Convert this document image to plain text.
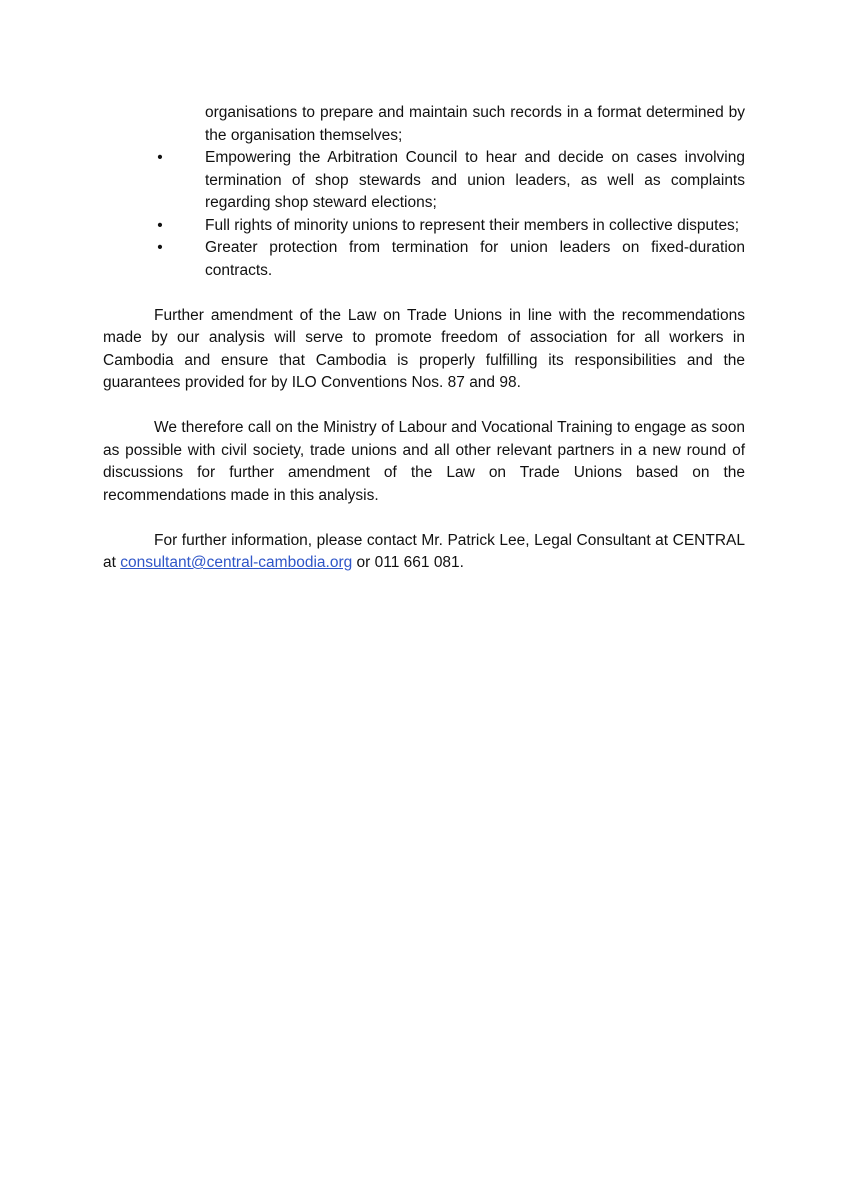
organisations to prepare and maintain such records in a format determined by the organisation themselves;
•	Empowering the Arbitration Council to hear and decide on cases involving termination of shop stewards and union leaders, as well as complaints regarding shop steward elections;
•	Full rights of minority unions to represent their members in collective disputes;
•	Greater protection from termination for union leaders on fixed-duration contracts.

Further amendment of the Law on Trade Unions in line with the recommendations made by our analysis will serve to promote freedom of association for all workers in Cambodia and ensure that Cambodia is properly fulfilling its responsibilities and the guarantees provided for by ILO Conventions Nos. 87 and 98.

We therefore call on the Ministry of Labour and Vocational Training to engage as soon as possible with civil society, trade unions and all other relevant partners in a new round of discussions for further amendment of the Law on Trade Unions based on the recommendations made in this analysis.

For further information, please contact Mr. Patrick Lee, Legal Consultant at CENTRAL at consultant@central-cambodia.org or 011 661 081.
